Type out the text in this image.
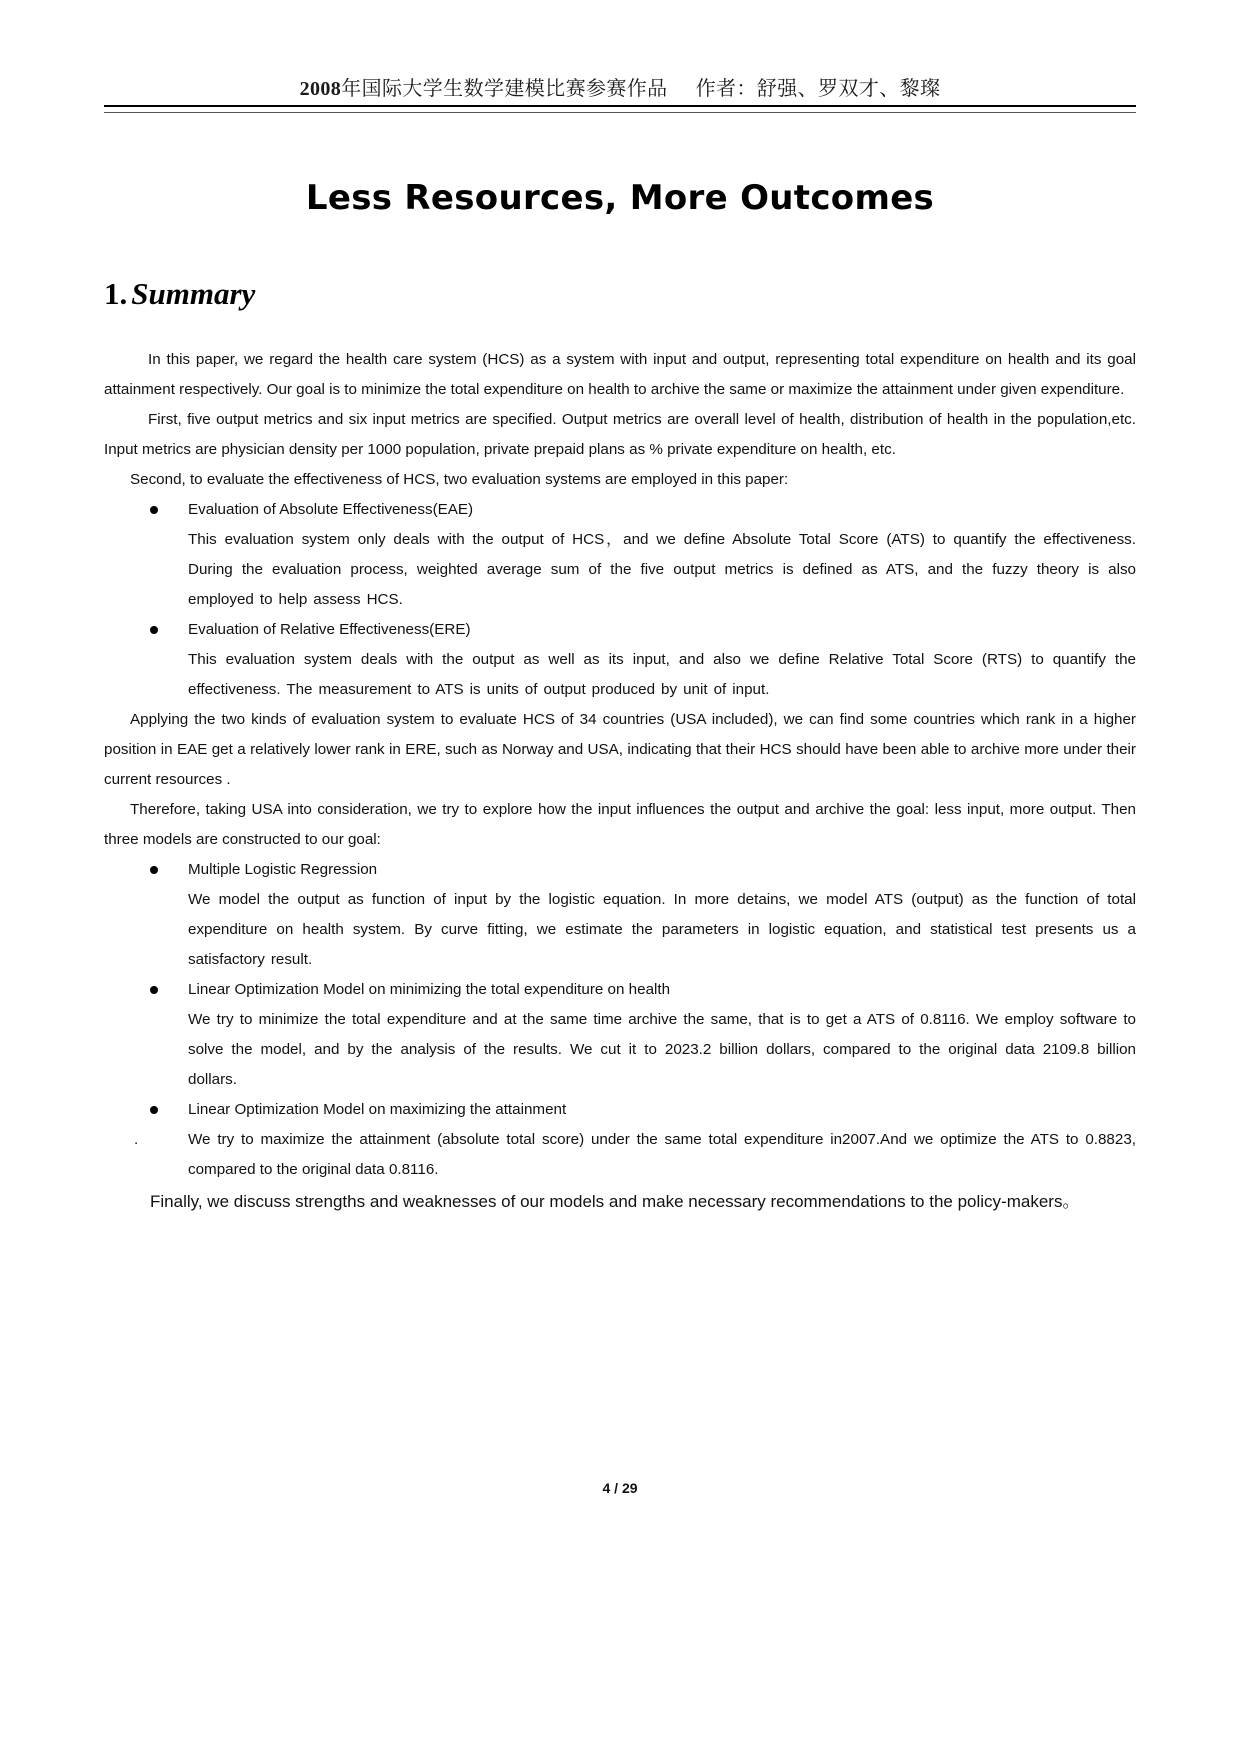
2008年国际大学生数学建模比赛参赛作品 作者：舒强、罗双才、黎璨
Less Resources, More Outcomes
1. Summary

In this paper, we regard the health care system (HCS) as a system with input and output, representing total expenditure on health and its goal attainment respectively. Our goal is to minimize the total expenditure on health to archive the same or maximize the attainment under given expenditure.

First, five output metrics and six input metrics are specified. Output metrics are overall level of health, distribution of health in the population,etc. Input metrics are physician density per 1000 population, private prepaid plans as % private expenditure on health, etc.

Second, to evaluate the effectiveness of HCS, two evaluation systems are employed in this paper:

Evaluation of Absolute Effectiveness(EAE)

This evaluation system only deals with the output of HCS，and we define Absolute Total Score (ATS) to quantify the effectiveness. During the evaluation process, weighted average sum of the five output metrics is defined as ATS, and the fuzzy theory is also employed to help assess HCS.

Evaluation of Relative Effectiveness(ERE)

This evaluation system deals with the output as well as its input, and also we define Relative Total Score (RTS) to quantify the effectiveness. The measurement to ATS is units of output produced by unit of input.

Applying the two kinds of evaluation system to evaluate HCS of 34 countries (USA included), we can find some countries which rank in a higher position in EAE get a relatively lower rank in ERE, such as Norway and USA, indicating that their HCS should have been able to archive more under their current resources .

Therefore, taking USA into consideration, we try to explore how the input influences the output and archive the goal: less input, more output. Then three models are constructed to our goal:

Multiple Logistic Regression

We model the output as function of input by the logistic equation. In more detains, we model ATS (output) as the function of total expenditure on health system. By curve fitting, we estimate the parameters in logistic equation, and statistical test presents us a satisfactory result.

Linear Optimization Model on minimizing the total expenditure on health

We try to minimize the total expenditure and at the same time archive the same, that is to get a ATS of 0.8116. We employ software to solve the model, and by the analysis of the results. We cut it to 2023.2 billion dollars, compared to the original data 2109.8 billion dollars.

Linear Optimization Model on maximizing the attainment

.	We try to maximize the attainment (absolute total score) under the same total expenditure in2007.And we optimize the ATS to 0.8823, compared to the original data 0.8116.

Finally, we discuss strengths and weaknesses of our models and make necessary recommendations to the policy-makers。

4 / 29
